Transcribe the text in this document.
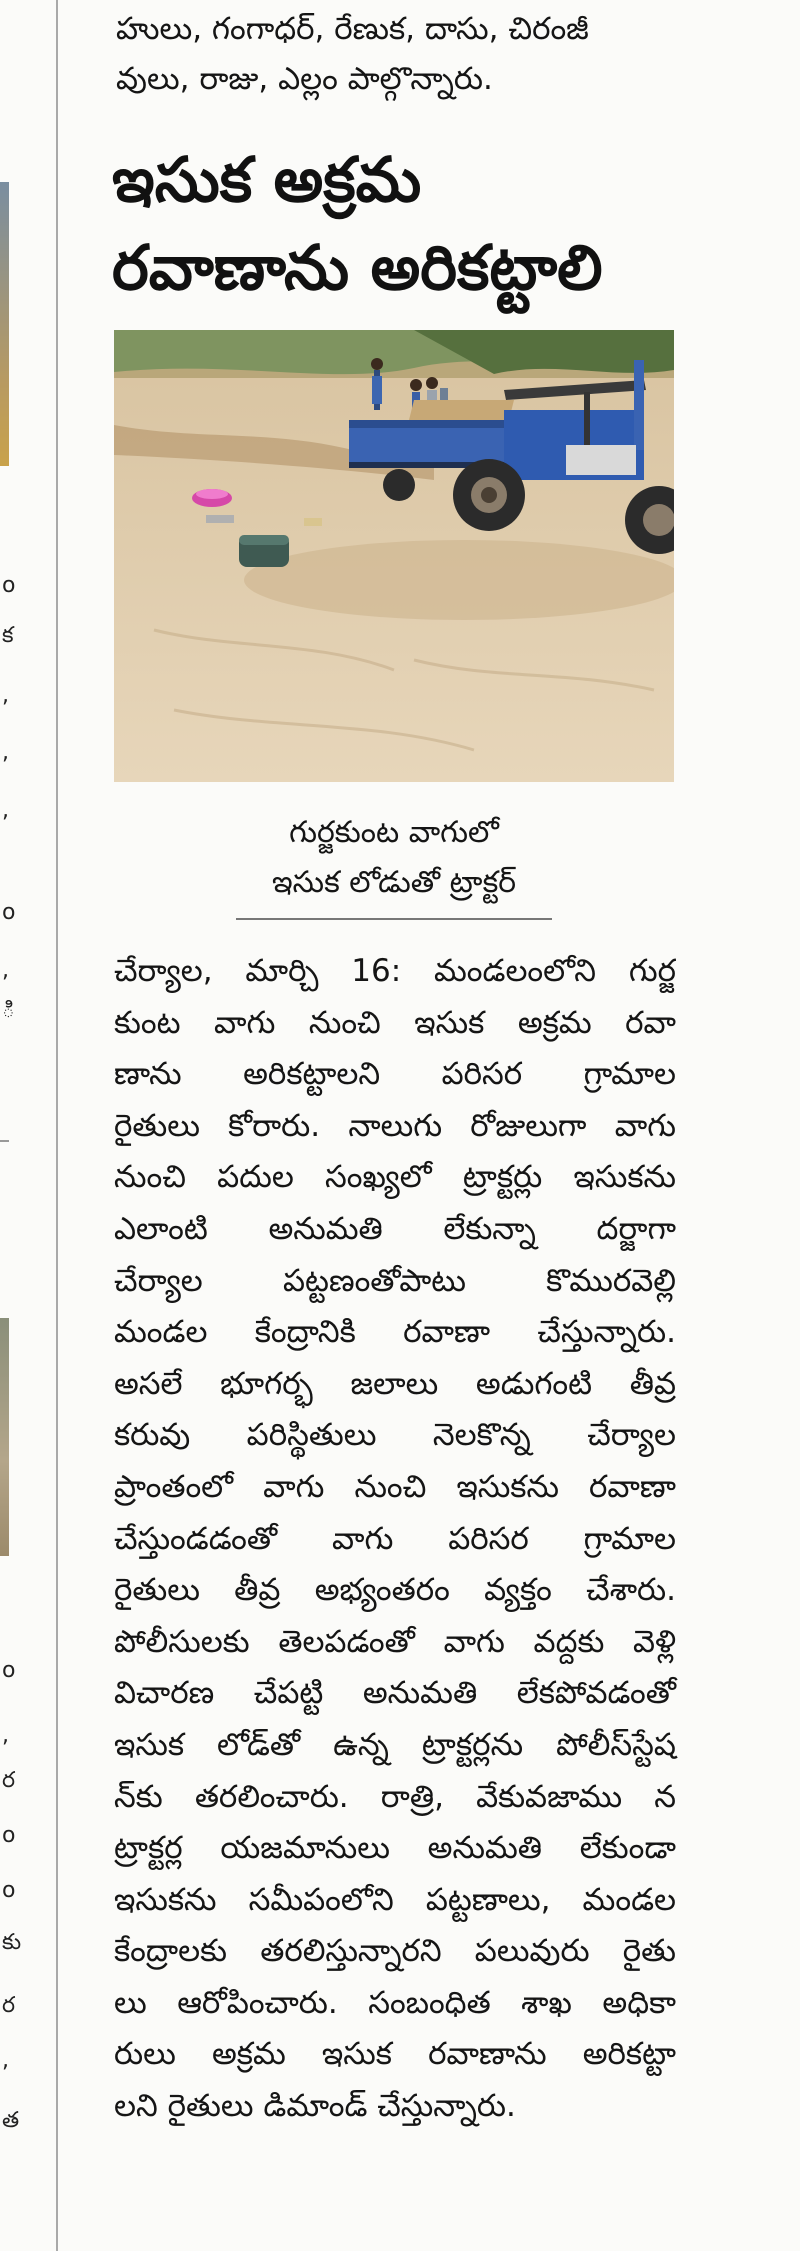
o
క
,
,
,
o
,
ి
o
,
ర
o
o
కు
ర
,
త
హులు, గంగాధర్, రేణుక, దాసు, చిరంజీ
వులు, రాజు, ఎల్లం పాల్గొన్నారు.
ఇసుక అక్రమ
రవాణాను అరికట్టాలి
గుర్జకుంట వాగులో
ఇసుక లోడుతో ట్రాక్టర్
చేర్యాల, మార్చి 16: మండలంలోని గుర్జ
కుంట వాగు నుంచి ఇసుక అక్రమ రవా
ణాను అరికట్టాలని పరిసర గ్రామాల
రైతులు కోరారు. నాలుగు రోజులుగా వాగు
నుంచి పదుల సంఖ్యలో ట్రాక్టర్లు ఇసుకను
ఎలాంటి అనుమతి లేకున్నా దర్జాగా
చేర్యాల పట్టణంతోపాటు కొమురవెల్లి
మండల కేంద్రానికి రవాణా చేస్తున్నారు.
అసలే భూగర్భ జలాలు అడుగంటి తీవ్ర
కరువు పరిస్థితులు నెలకొన్న చేర్యాల
ప్రాంతంలో వాగు నుంచి ఇసుకను రవాణా
చేస్తుండడంతో వాగు పరిసర గ్రామాల
రైతులు తీవ్ర అభ్యంతరం వ్యక్తం చేశారు.
పోలీసులకు తెలపడంతో వాగు వద్దకు వెళ్లి
విచారణ చేపట్టి అనుమతి లేకపోవడంతో
ఇసుక లోడ్‌తో ఉన్న ట్రాక్టర్లను పోలీస్‌స్టేష
న్‌కు తరలించారు. రాత్రి, వేకువజాము న
ట్రాక్టర్ల యజమానులు అనుమతి లేకుండా
ఇసుకను సమీపంలోని పట్టణాలు, మండల
కేంద్రాలకు తరలిస్తున్నారని పలువురు రైతు
లు ఆరోపించారు. సంబంధిత శాఖ అధికా
రులు అక్రమ ఇసుక రవాణాను అరికట్టా
లని రైతులు డిమాండ్ చేస్తున్నారు.
